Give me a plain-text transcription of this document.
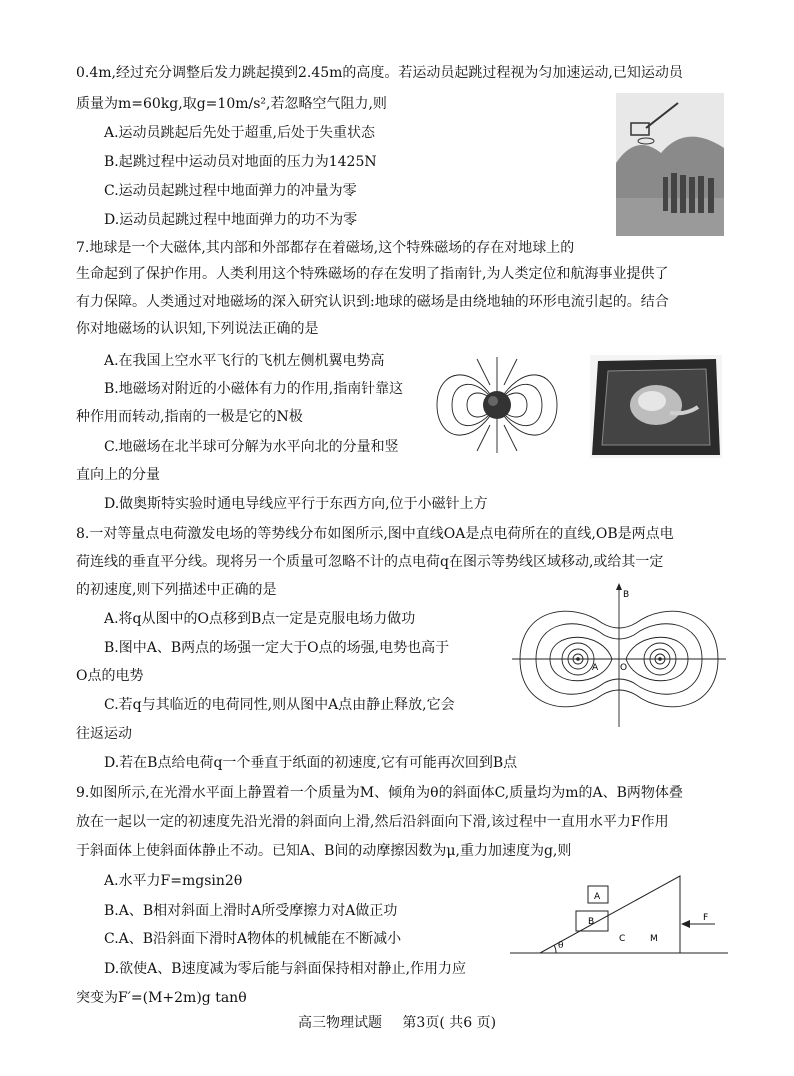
0.4m,经过充分调整后发力跳起摸到2.45m的高度。若运动员起跳过程视为匀加速运动,已知运动员
质量为m=60kg,取g=10m/s²,若忽略空气阻力,则
A.运动员跳起后先处于超重,后处于失重状态
B.起跳过程中运动员对地面的压力为1425N
C.运动员起跳过程中地面弹力的冲量为零
D.运动员起跳过程中地面弹力的功不为零
7.地球是一个大磁体,其内部和外部都存在着磁场,这个特殊磁场的存在对地球上的
生命起到了保护作用。人类利用这个特殊磁场的存在发明了指南针,为人类定位和航海事业提供了
有力保障。人类通过对地磁场的深入研究认识到:地球的磁场是由绕地轴的环形电流引起的。结合
你对地磁场的认识知,下列说法正确的是
A.在我国上空水平飞行的飞机左侧机翼电势高
B.地磁场对附近的小磁体有力的作用,指南针靠这
种作用而转动,指南的一极是它的N极
C.地磁场在北半球可分解为水平向北的分量和竖
直向上的分量
D.做奥斯特实验时通电导线应平行于东西方向,位于小磁针上方
8.一对等量点电荷激发电场的等势线分布如图所示,图中直线OA是点电荷所在的直线,OB是两点电
荷连线的垂直平分线。现将另一个质量可忽略不计的点电荷q在图示等势线区域移动,或给其一定
的初速度,则下列描述中正确的是
A.将q从图中的O点移到B点一定是克服电场力做功
B.图中A、B两点的场强一定大于O点的场强,电势也高于
O点的电势
C.若q与其临近的电荷同性,则从图中A点由静止释放,它会
往返运动
D.若在B点给电荷q一个垂直于纸面的初速度,它有可能再次回到B点
B
A O
9.如图所示,在光滑水平面上静置着一个质量为M、倾角为θ的斜面体C,质量均为m的A、B两物体叠
放在一起以一定的初速度先沿光滑的斜面向上滑,然后沿斜面向下滑,该过程中一直用水平力F作用
于斜面体上使斜面体静止不动。已知A、B间的动摩擦因数为μ,重力加速度为g,则
A.水平力F=mgsin2θ
B.A、B相对斜面上滑时A所受摩擦力对A做正功
C.A、B沿斜面下滑时A物体的机械能在不断减小
D.欲使A、B速度减为零后能与斜面保持相对静止,作用力应
突变为F′=(M+2m)g tanθ
A
B
C	M
F
θ
高三物理试题 第3页( 共6 页)
